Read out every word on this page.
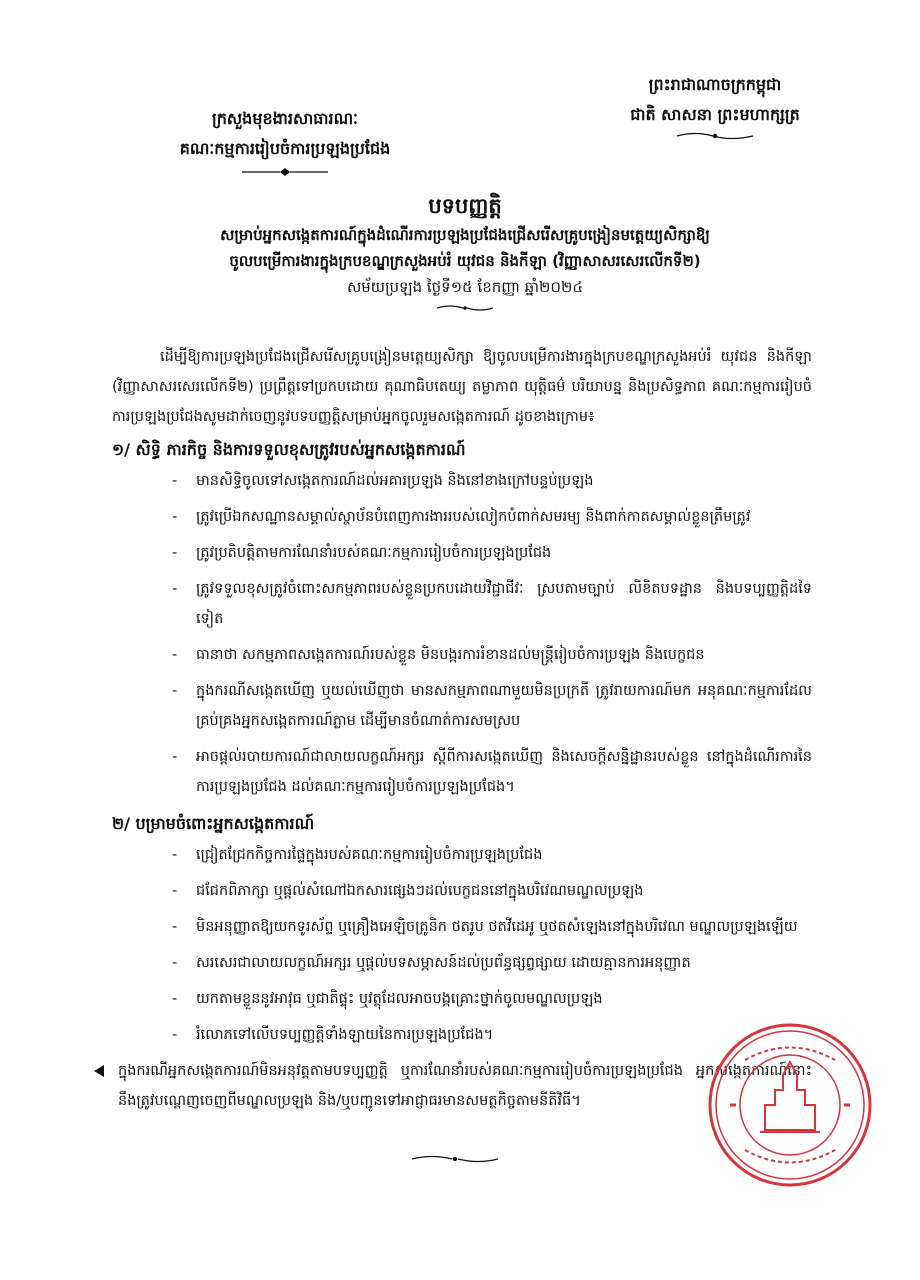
ព្រះរាជាណាចក្រកម្ពុជា
ជាតិ សាសនា ព្រះមហាក្សត្រ
ក្រសួងមុខងារសាធារណៈ
គណៈកម្មការរៀបចំការប្រឡងប្រជែង
បទបញ្ញត្តិ
សម្រាប់អ្នកសង្កេតការណ៍ក្នុងដំណើរការប្រឡងប្រជែងជ្រើសរើសគ្រូបង្រៀនមត្តេយ្យសិក្សាឱ្យ
ចូលបម្រើការងារក្នុងក្របខណ្ឌក្រសួងអប់រំ យុវជន និងកីឡា (វិញ្ញាសាសរសេរលើកទី២)
សម័យប្រឡង ថ្ងៃទី១៥ ខែកញ្ញា ឆ្នាំ២០២៤

ដើម្បីឱ្យការប្រឡងប្រជែងជ្រើសរើសគ្រូបង្រៀនមត្តេយ្យសិក្សា ឱ្យចូលបម្រើការងារក្នុងក្របខណ្ឌក្រសួងអប់រំ យុវជន និងកីឡា (វិញ្ញាសាសរសេរលើកទី២) ប្រព្រឹត្តទៅប្រកបដោយ គុណាធិបតេយ្យ តម្លាភាព យុត្តិធម៌ បរិយាបន្ន និងប្រសិទ្ធភាព គណៈកម្មការរៀបចំការប្រឡងប្រជែងសូមដាក់ចេញនូវបទបញ្ញត្តិសម្រាប់អ្នកចូលរួមសង្កេតការណ៍ ដូចខាងក្រោម៖

១/ សិទ្ធិ ភារកិច្ច និងការទទួលខុសត្រូវរបស់អ្នកសង្កេតការណ៍
- មានសិទ្ធិចូលទៅសង្កេតការណ៍ដល់អគារប្រឡង និងនៅខាងក្រៅបន្ទប់ប្រឡង
- ត្រូវប្រើឯកសណ្ឋានសម្គាល់ស្ថាប័នបំពេញការងាររបស់លៀកបំពាក់សមរម្យ និងពាក់កាតសម្គាល់ខ្លួនត្រឹមត្រូវ
- ត្រូវប្រតិបត្តិតាមការណែនាំរបស់គណៈកម្មការរៀបចំការប្រឡងប្រជែង
- ត្រូវទទួលខុសត្រូវចំពោះសកម្មភាពរបស់ខ្លួនប្រកបដោយវិជ្ជាជីវៈ ស្របតាមច្បាប់ លិខិតបទដ្ឋាន និងបទប្បញ្ញត្តិដទៃទៀត
- ធានាថា សកម្មភាពសង្កេតការណ៍របស់ខ្លួន មិនបង្ករការរំខានដល់មន្ត្រីរៀបចំការប្រឡង និងបេក្ខជន
- ក្នុងករណីសង្កេតឃើញ ឬយល់ឃើញថា មានសកម្មភាពណាមួយមិនប្រក្រតី ត្រូវរាយការណ៍មក អនុគណៈកម្មការដែលគ្រប់គ្រងអ្នកសង្កេតការណ៍ភ្លាម ដើម្បីមានចំណាត់ការសមស្រប
- អាចផ្តល់របាយការណ៍ជាលាយលក្ខណ៍អក្សរ ស្តីពីការសង្កេតឃើញ និងសេចក្តីសន្និដ្ឋានរបស់ខ្លួន នៅក្នុងដំណើរការនៃការប្រឡងប្រជែង ដល់គណៈកម្មការរៀបចំការប្រឡងប្រជែង។
២/ បម្រាមចំពោះអ្នកសង្កេតការណ៍
- ជ្រៀតជ្រែកកិច្ចការផ្ទៃក្នុងរបស់គណៈកម្មការរៀបចំការប្រឡងប្រជែង
- ជជែកពិភាក្សា ឬផ្តល់សំណៅឯកសារផ្សេងៗដល់បេក្ខជននៅក្នុងបរិវេណមណ្ឌលប្រឡង
- មិនអនុញ្ញាតឱ្យយកទូរស័ព្ទ ឬគ្រឿងអេឡិចត្រូនិក ថតរូប ថតវីដេអូ ឬថតសំឡេងនៅក្នុងបរិវេណ មណ្ឌលប្រឡងឡើយ
- សរសេរជាលាយលក្ខណ៍អក្សរ ឬផ្តល់បទសម្ភាសន៍ដល់ប្រព័ន្ធផ្សព្វផ្សាយ ដោយគ្មានការអនុញ្ញាត
- យកតាមខ្លួននូវអាវុធ ឬជាតិផ្ទុះ ឬវត្ថុដែលអាចបង្កគ្រោះថ្នាក់ចូលមណ្ឌលប្រឡង
- រំលោភទៅលើបទប្បញ្ញត្តិទាំងឡាយនៃការប្រឡងប្រជែង។
ក្នុងករណីអ្នកសង្កេតការណ៍មិនអនុវត្តតាមបទប្បញ្ញត្តិ ឬការណែនាំរបស់គណៈកម្មការរៀបចំការប្រឡងប្រជែង អ្នកសង្កេតការណ៍នោះនឹងត្រូវបណ្តេញចេញពីមណ្ឌលប្រឡង និង/ឬបញ្ជូនទៅអាជ្ញាធរមានសមត្ថកិច្ចតាមនីតិវិធី។
